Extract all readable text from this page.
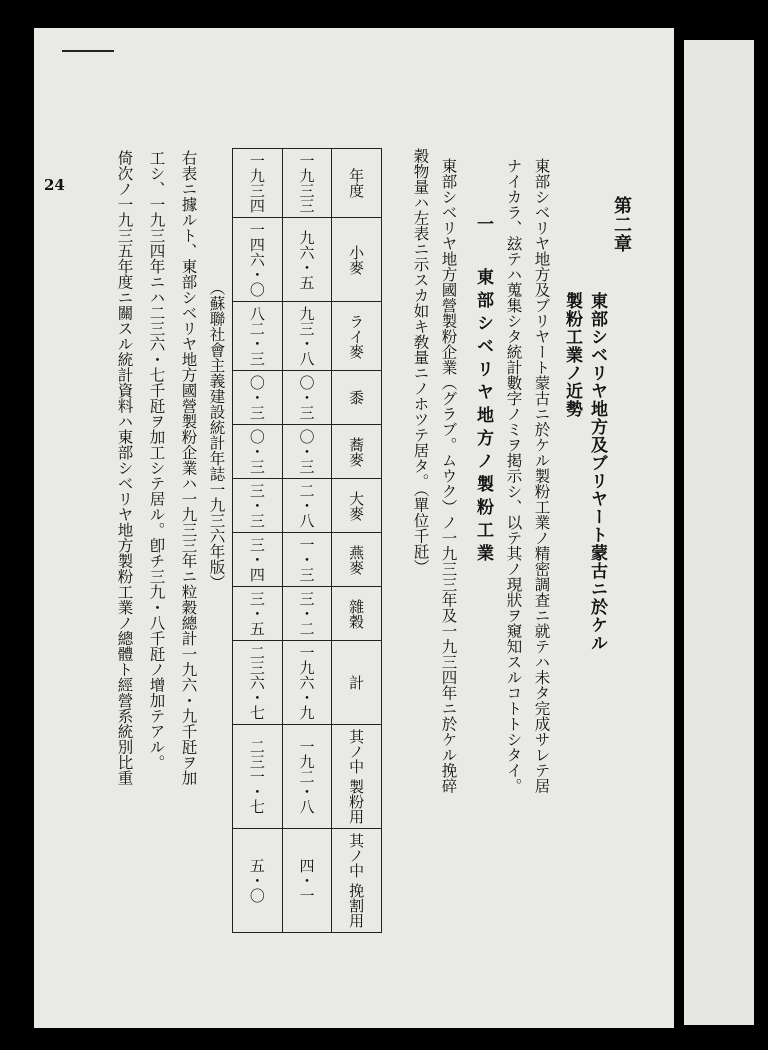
24
第二章
東部シベリヤ地方及ブリヤート蒙古ニ於ケル
製粉工業ノ近勢
東部シベリヤ地方及ブリヤート蒙古ニ於ケル製粉工業ノ精密調査ニ就テハ未タ完成サレテ居
ナイカラ、玆テハ蒐集シタ統計數字ノミヲ掲示シ、以テ其ノ現狀ヲ窺知スルコトトシタイ。
一
東部シベリヤ地方ノ製粉工業
東部シベリヤ地方國營製粉企業（グラブ。ムウク）ノ一九三三年及一九三四年ニ於ケル挽碎
穀物量ハ左表ニ示スカ如キ敎量ニノホツテ居タ。（單位千瓩）
年度	小麥	ライ麥	黍	蕎麥	大麥	燕麥	雜穀	計	其ノ中 製粉用	其ノ中 挽割用
一九三三	九六・五	九三・八	〇・三	〇・三	二・八	一・三	三・二	一九六・九	一九二・八	四・一
一九三四	一四六・〇	八二・三	〇・三	〇・三	三・三	三・四	三・五	二三六・七	二三一・七	五・〇
（蘇聯社會主義建設統計年誌一九三六年版）
右表ニ據ルト、東部シベリヤ地方國營製粉企業ハ一九三三年ニ粒穀總計一九六・九千瓩ヲ加
工シ、一九三四年ニハ二三六・七千瓩ヲ加工シテ居ル。卽チ三九・八千瓩ノ增加テアル。
倚次ノ一九三五年度ニ關スル統計資料ハ東部シベリヤ地方製粉工業ノ總體ト經營系統別比重
